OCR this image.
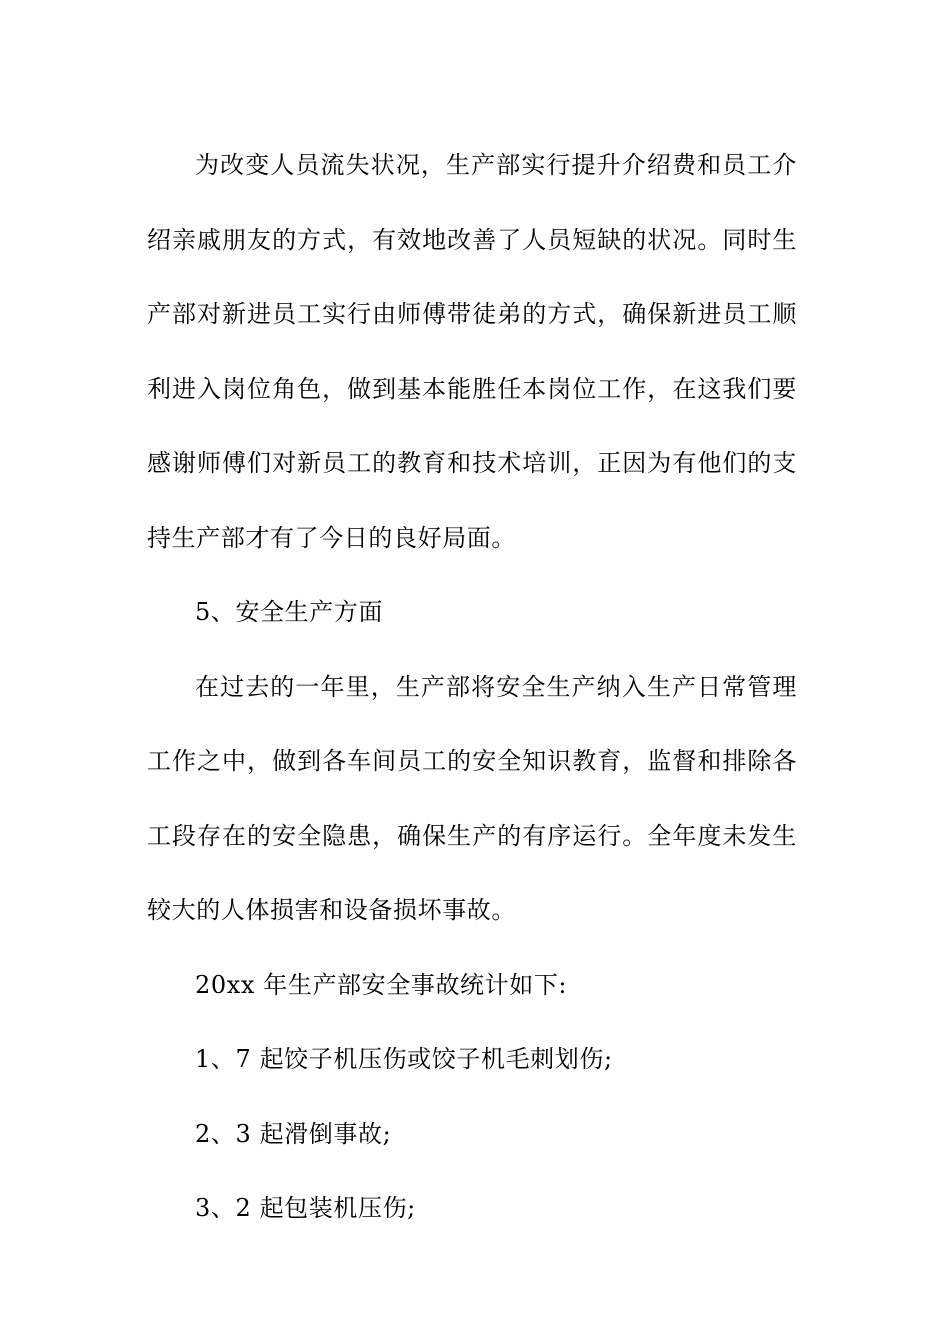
为改变人员流失状况，生产部实行提升介绍费和员工介绍亲戚朋友的方式，有效地改善了人员短缺的状况。同时生产部对新进员工实行由师傅带徒弟的方式，确保新进员工顺利进入岗位角色，做到基本能胜任本岗位工作，在这我们要感谢师傅们对新员工的教育和技术培训，正因为有他们的支持生产部才有了今日的良好局面。

5、安全生产方面

在过去的一年里，生产部将安全生产纳入生产日常管理工作之中，做到各车间员工的安全知识教育，监督和排除各工段存在的安全隐患，确保生产的有序运行。全年度未发生较大的人体损害和设备损坏事故。

20xx 年生产部安全事故统计如下:

1、7 起饺子机压伤或饺子机毛刺划伤;

2、3 起滑倒事故;

3、2 起包装机压伤;
